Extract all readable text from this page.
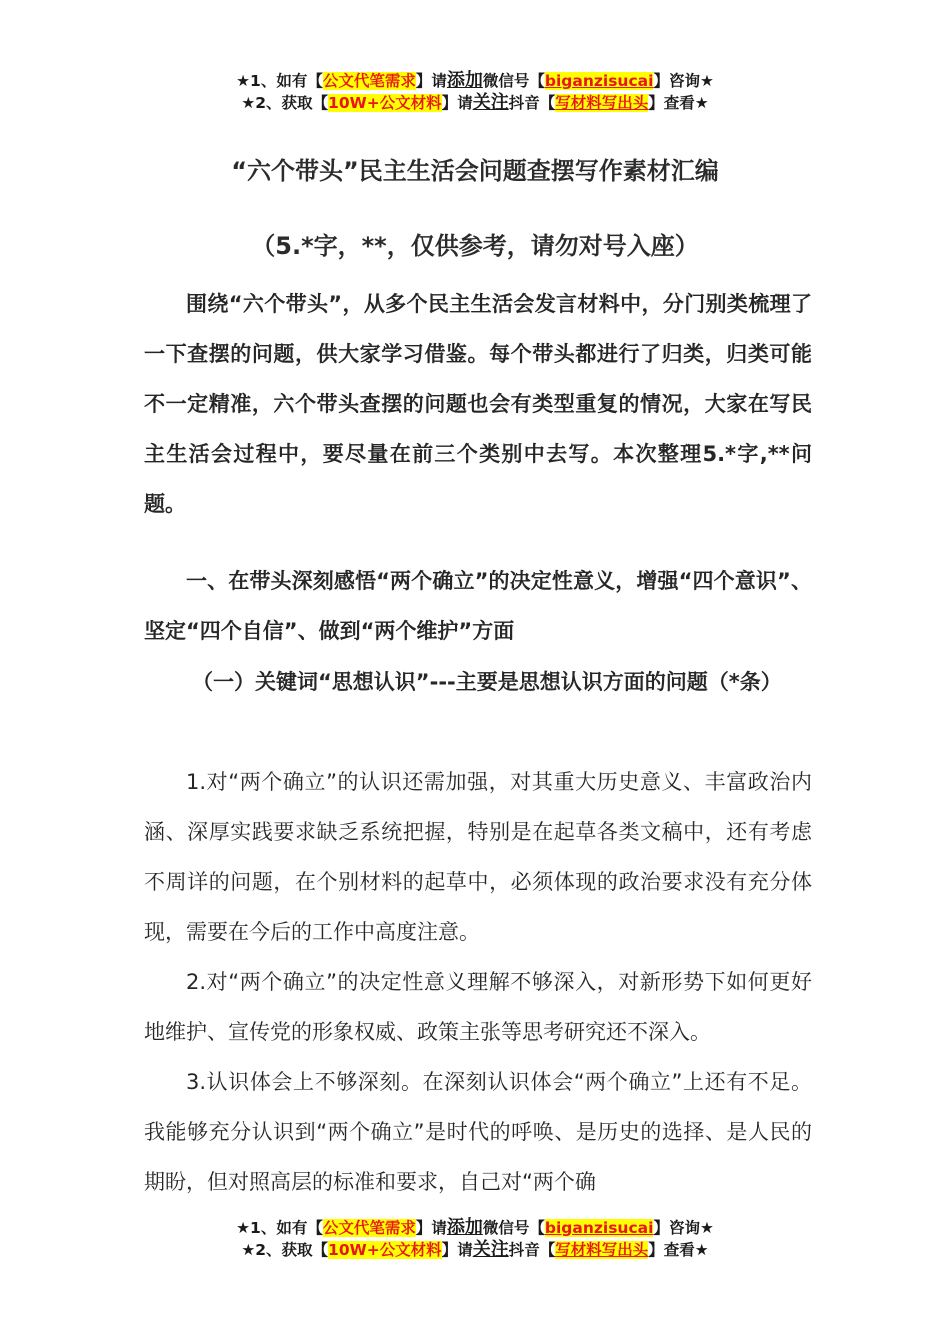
★1、如有【公文代笔需求】请添加微信号【biganzisucai】咨询★
★2、获取【10W+公文材料】请关注抖音【写材料写出头】查看★
“六个带头”民主生活会问题查摆写作素材汇编
（5.*字，**，仅供参考，请勿对号入座）

围绕“六个带头”，从多个民主生活会发言材料中，分门别类梳理了一下查摆的问题，供大家学习借鉴。每个带头都进行了归类，归类可能不一定精准，六个带头查摆的问题也会有类型重复的情况，大家在写民主生活会过程中，要尽量在前三个类别中去写。本次整理5.*字,**问题。

一、在带头深刻感悟“两个确立”的决定性意义，增强“四个意识”、坚定“四个自信”、做到“两个维护”方面

（一）关键词“思想认识”---主要是思想认识方面的问题（*条）

1.对“两个确立”的认识还需加强，对其重大历史意义、丰富政治内涵、深厚实践要求缺乏系统把握，特别是在起草各类文稿中，还有考虑不周详的问题，在个别材料的起草中，必须体现的政治要求没有充分体现，需要在今后的工作中高度注意。

2.对“两个确立”的决定性意义理解不够深入，对新形势下如何更好地维护、宣传党的形象权威、政策主张等思考研究还不深入。

3.认识体会上不够深刻。在深刻认识体会“两个确立”上还有不足。我能够充分认识到“两个确立”是时代的呼唤、是历史的选择、是人民的期盼，但对照高层的标准和要求，自己对“两个确

★1、如有【公文代笔需求】请添加微信号【biganzisucai】咨询★
★2、获取【10W+公文材料】请关注抖音【写材料写出头】查看★
